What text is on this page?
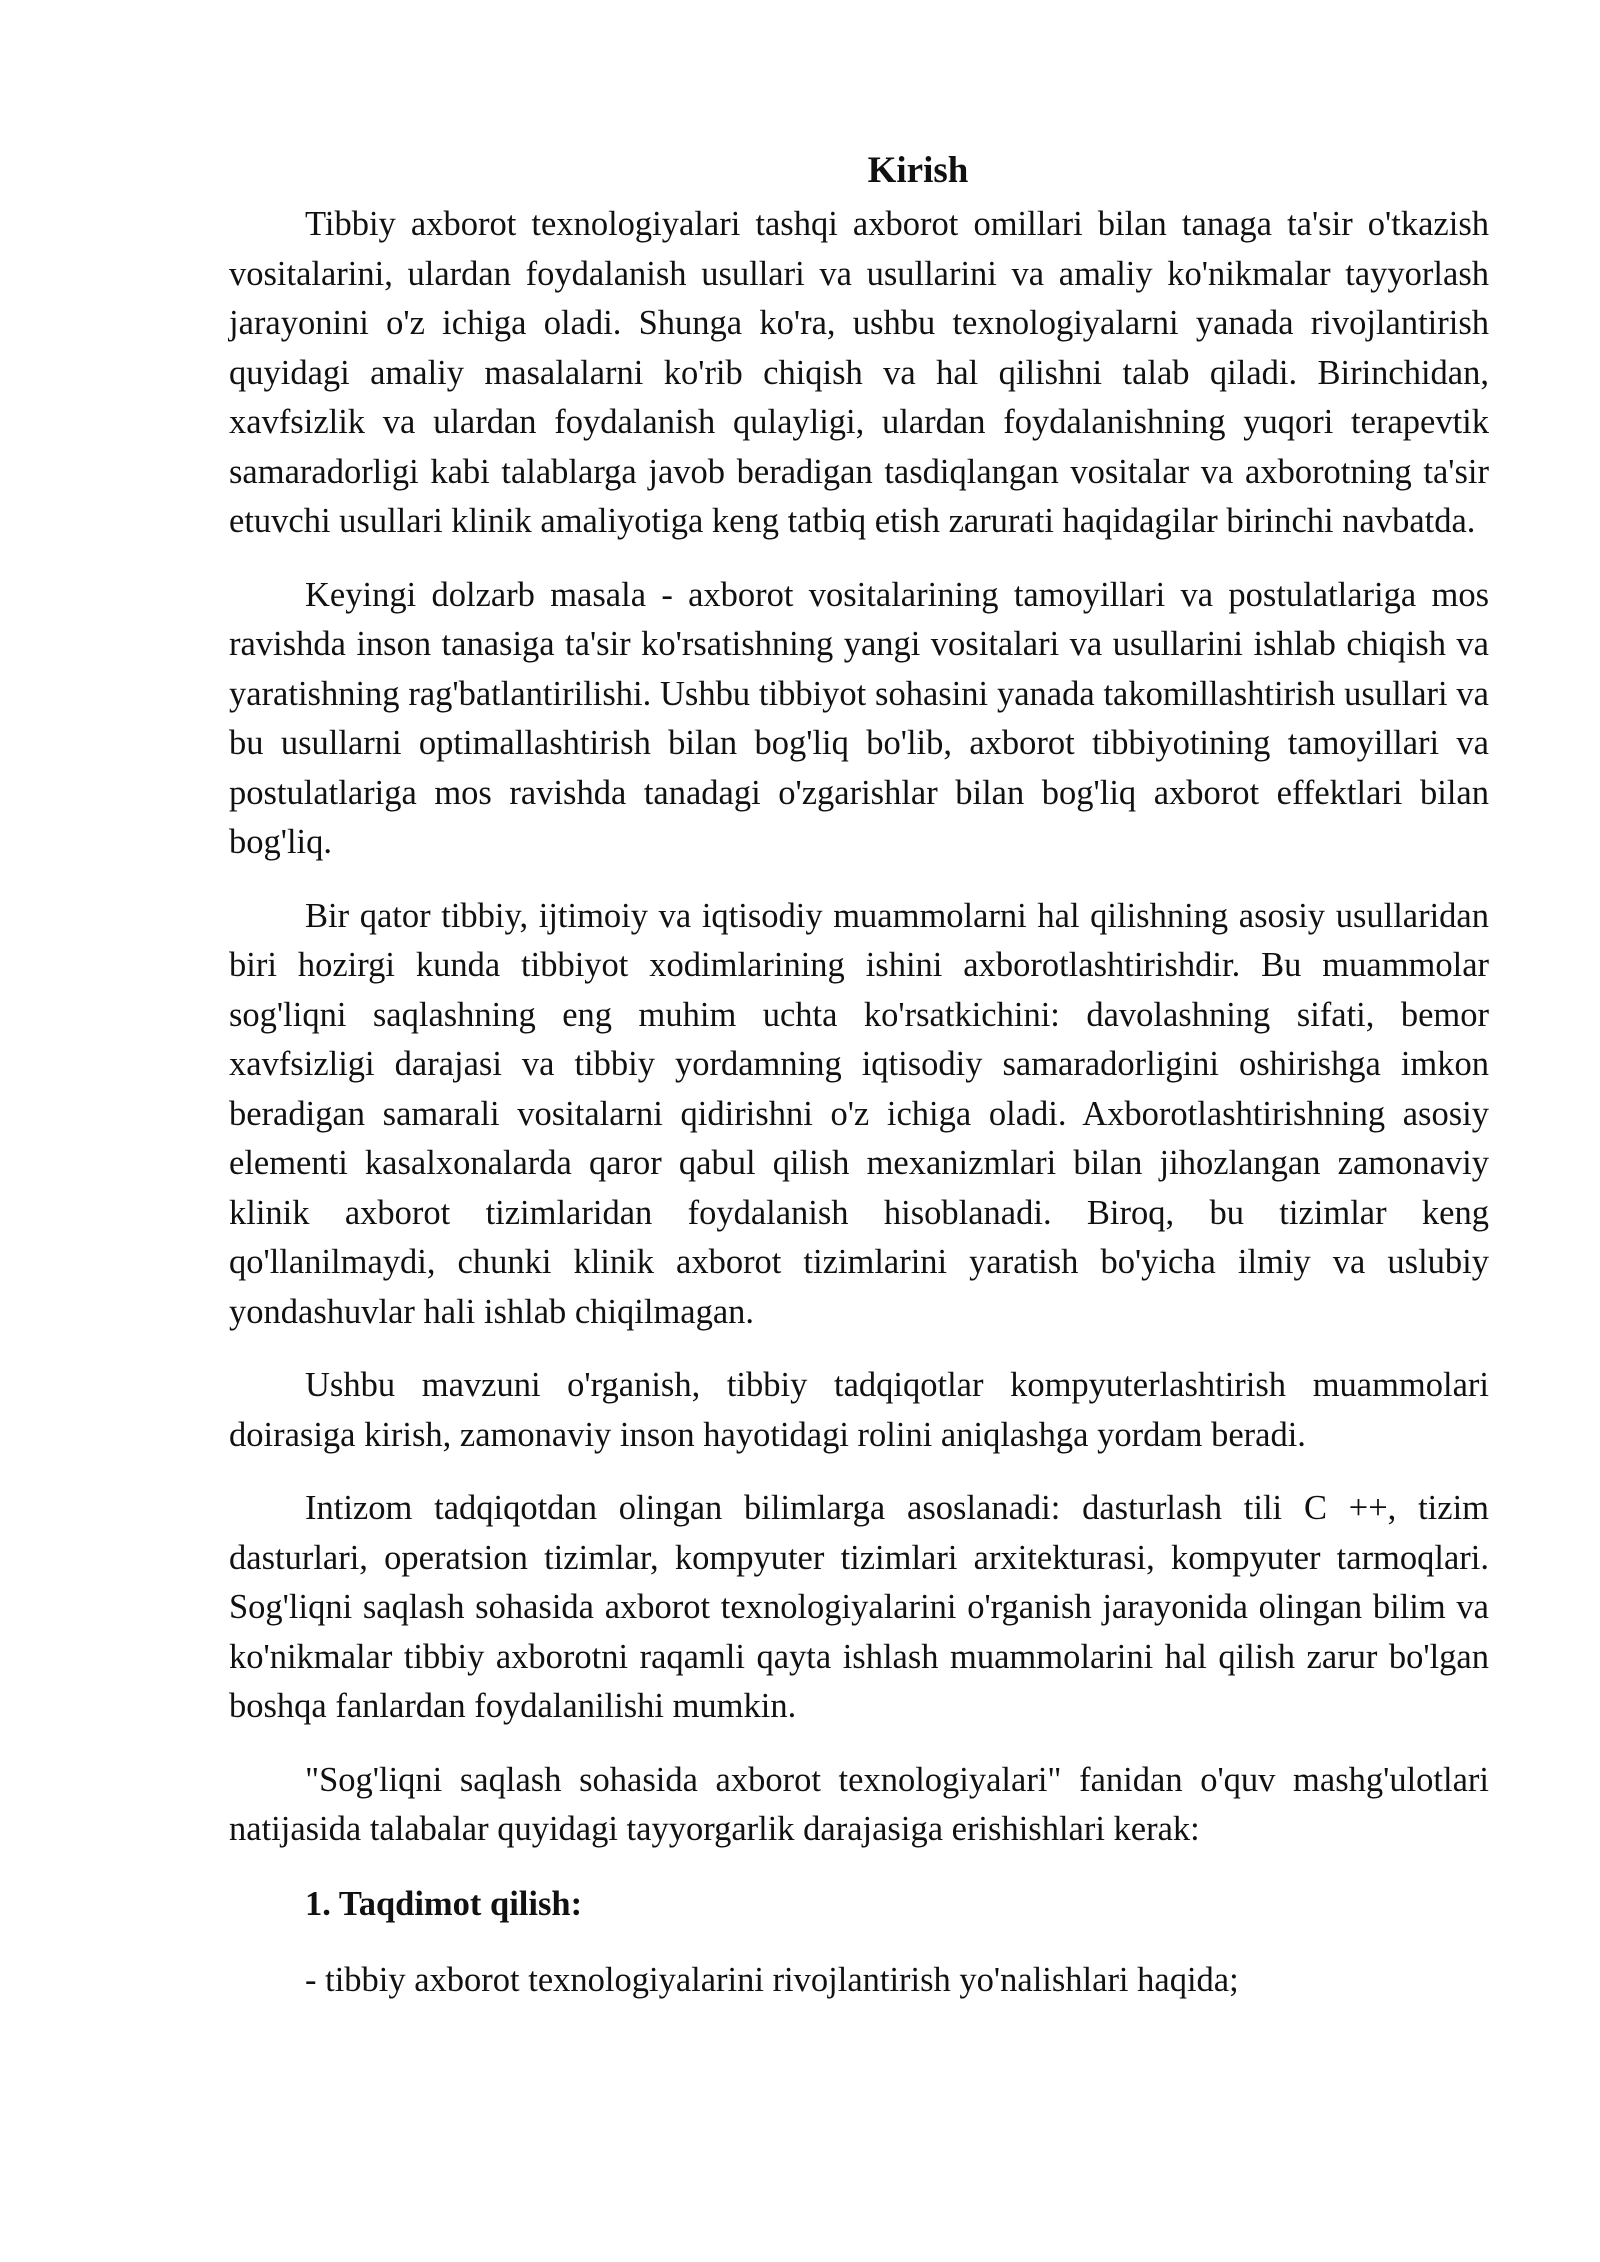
Kirish

Tibbiy axborot texnologiyalari tashqi axborot omillari bilan tanaga ta'sir o'tkazish vositalarini, ulardan foydalanish usullari va usullarini va amaliy ko'nikmalar tayyorlash jarayonini o'z ichiga oladi. Shunga ko'ra, ushbu texnologiyalarni yanada rivojlantirish quyidagi amaliy masalalarni ko'rib chiqish va hal qilishni talab qiladi. Birinchidan, xavfsizlik va ulardan foydalanish qulayligi, ulardan foydalanishning yuqori terapevtik samaradorligi kabi talablarga javob beradigan tasdiqlangan vositalar va axborotning ta'sir etuvchi usullari klinik amaliyotiga keng tatbiq etish zarurati haqidagilar birinchi navbatda.

Keyingi dolzarb masala - axborot vositalarining tamoyillari va postulatlariga mos ravishda inson tanasiga ta'sir ko'rsatishning yangi vositalari va usullarini ishlab chiqish va yaratishning rag'batlantirilishi. Ushbu tibbiyot sohasini yanada takomillashtirish usullari va bu usullarni optimallashtirish bilan bog'liq bo'lib, axborot tibbiyotining tamoyillari va postulatlariga mos ravishda tanadagi o'zgarishlar bilan bog'liq axborot effektlari bilan bog'liq.

Bir qator tibbiy, ijtimoiy va iqtisodiy muammolarni hal qilishning asosiy usullaridan biri hozirgi kunda tibbiyot xodimlarining ishini axborotlashtirishdir. Bu muammolar sog'liqni saqlashning eng muhim uchta ko'rsatkichini: davolashning sifati, bemor xavfsizligi darajasi va tibbiy yordamning iqtisodiy samaradorligini oshirishga imkon beradigan samarali vositalarni qidirishni o'z ichiga oladi. Axborotlashtirishning asosiy elementi kasalxonalarda qaror qabul qilish mexanizmlari bilan jihozlangan zamonaviy klinik axborot tizimlaridan foydalanish hisoblanadi. Biroq, bu tizimlar keng qo'llanilmaydi, chunki klinik axborot tizimlarini yaratish bo'yicha ilmiy va uslubiy yondashuvlar hali ishlab chiqilmagan.

Ushbu mavzuni o'rganish, tibbiy tadqiqotlar kompyuterlashtirish muammolari doirasiga kirish, zamonaviy inson hayotidagi rolini aniqlashga yordam beradi.

Intizom tadqiqotdan olingan bilimlarga asoslanadi: dasturlash tili C ++, tizim dasturlari, operatsion tizimlar, kompyuter tizimlari arxitekturasi, kompyuter tarmoqlari. Sog'liqni saqlash sohasida axborot texnologiyalarini o'rganish jarayonida olingan bilim va ko'nikmalar tibbiy axborotni raqamli qayta ishlash muammolarini hal qilish zarur bo'lgan boshqa fanlardan foydalanilishi mumkin.

"Sog'liqni saqlash sohasida axborot texnologiyalari" fanidan o'quv mashg'ulotlari natijasida talabalar quyidagi tayyorgarlik darajasiga erishishlari kerak:

1. Taqdimot qilish:
- tibbiy axborot texnologiyalarini rivojlantirish yo'nalishlari haqida;
